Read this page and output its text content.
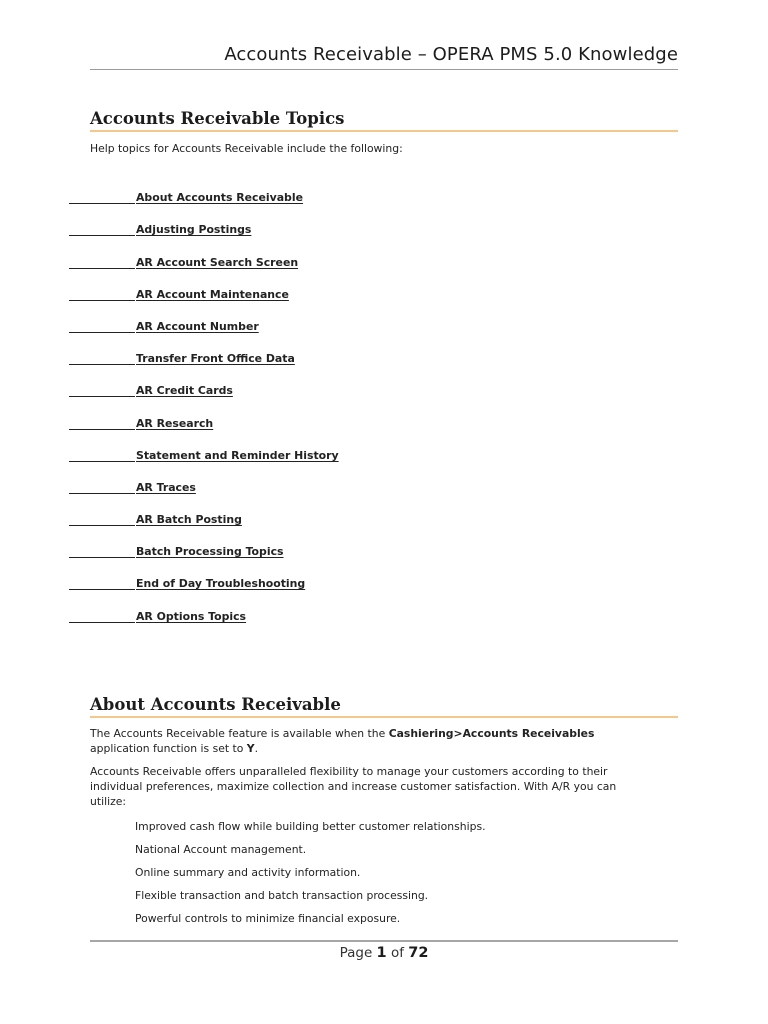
Accounts Receivable – OPERA PMS 5.0 Knowledge
Accounts Receivable Topics

Help topics for Accounts Receivable include the following:

About Accounts Receivable
Adjusting Postings
AR Account Search Screen
AR Account Maintenance
AR Account Number
Transfer Front Office Data
AR Credit Cards
AR Research
Statement and Reminder History
AR Traces
AR Batch Posting
Batch Processing Topics
End of Day Troubleshooting
AR Options Topics
About Accounts Receivable

The Accounts Receivable feature is available when the Cashiering>Accounts Receivables
application function is set to Y.

Accounts Receivable offers unparalleled flexibility to manage your customers according to their individual preferences, maximize collection and increase customer satisfaction. With A/R you can utilize:

Improved cash flow while building better customer relationships.
National Account management.
Online summary and activity information.
Flexible transaction and batch transaction processing.
Powerful controls to minimize financial exposure.
Page 1 of 72
